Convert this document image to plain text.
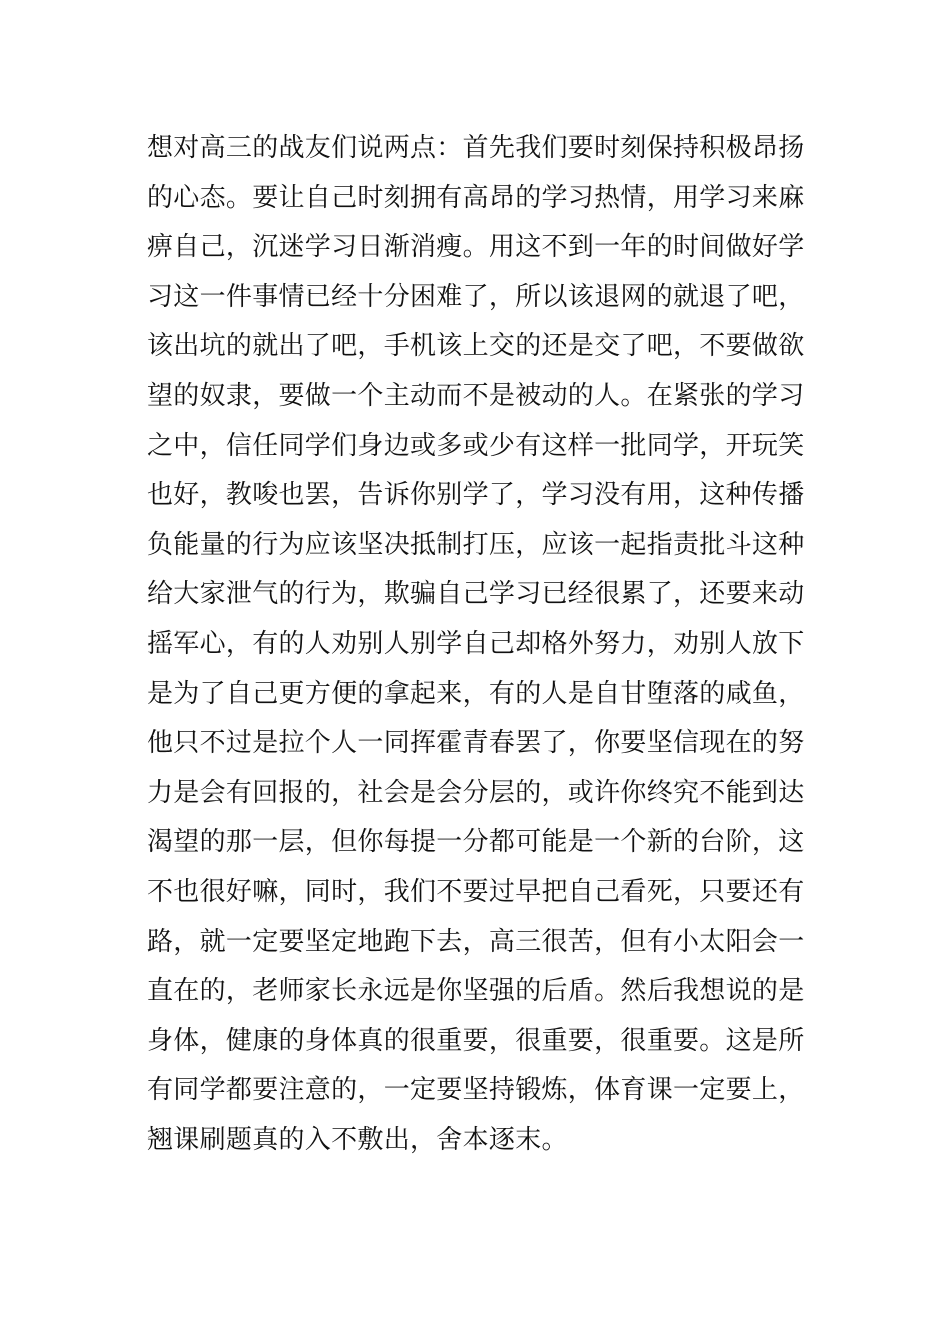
想对高三的战友们说两点：首先我们要时刻保持积极昂扬
的心态。要让自己时刻拥有高昂的学习热情，用学习来麻
痹自己，沉迷学习日渐消瘦。用这不到一年的时间做好学
习这一件事情已经十分困难了，所以该退网的就退了吧，
该出坑的就出了吧，手机该上交的还是交了吧，不要做欲
望的奴隶，要做一个主动而不是被动的人。在紧张的学习
之中，信任同学们身边或多或少有这样一批同学，开玩笑
也好，教唆也罢，告诉你别学了，学习没有用，这种传播
负能量的行为应该坚决抵制打压，应该一起指责批斗这种
给大家泄气的行为，欺骗自己学习已经很累了，还要来动
摇军心，有的人劝别人别学自己却格外努力，劝别人放下
是为了自己更方便的拿起来，有的人是自甘堕落的咸鱼，
他只不过是拉个人一同挥霍青春罢了，你要坚信现在的努
力是会有回报的，社会是会分层的，或许你终究不能到达
渴望的那一层，但你每提一分都可能是一个新的台阶，这
不也很好嘛，同时，我们不要过早把自己看死，只要还有
路，就一定要坚定地跑下去，高三很苦，但有小太阳会一
直在的，老师家长永远是你坚强的后盾。然后我想说的是
身体，健康的身体真的很重要，很重要，很重要。这是所
有同学都要注意的，一定要坚持锻炼，体育课一定要上，
翘课刷题真的入不敷出，舍本逐末。
